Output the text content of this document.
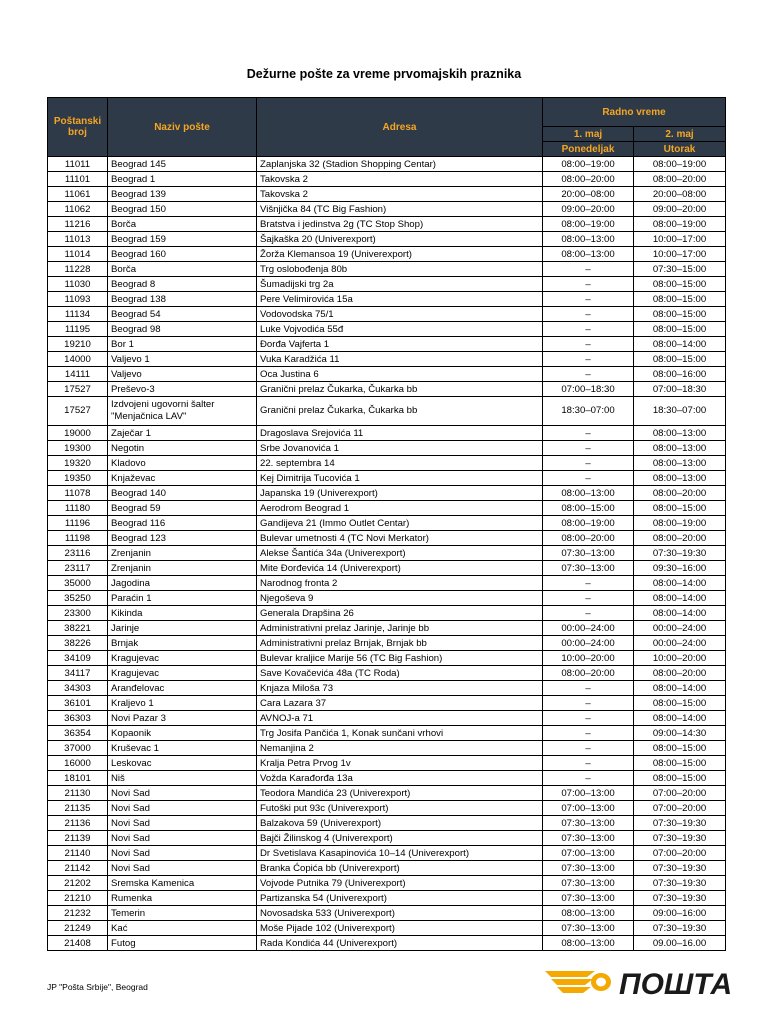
Dežurne pošte za vreme prvomajskih praznika
Poštanski broj	Naziv pošte	Adresa	Radno vreme	
			1. maj	2. maj
			Ponedeljak	Utorak
11011	Beograd 145	Zaplanjska 32 (Stadion Shopping Centar)	08:00–19:00	08:00–19:00
11101	Beograd 1	Takovska 2	08:00–20:00	08:00–20:00
11061	Beograd 139	Takovska 2	20:00–08:00	20:00–08:00
11062	Beograd 150	Višnjička 84 (TC Big Fashion)	09:00–20:00	09:00–20:00
11216	Borča	Bratstva i jedinstva 2g (TC Stop Shop)	08:00–19:00	08:00–19:00
11013	Beograd 159	Šajkaška 20 (Univerexport)	08:00–13:00	10:00–17:00
11014	Beograd 160	Žorža Klemansoa 19 (Univerexport)	08:00–13:00	10:00–17:00
11228	Borča	Trg oslobođenja 80b	–	07:30–15:00
11030	Beograd 8	Šumadijski trg 2a	–	08:00–15:00
11093	Beograd 138	Pere Velimirovića 15a	–	08:00–15:00
11134	Beograd 54	Vodovodska 75/1	–	08:00–15:00
11195	Beograd 98	Luke Vojvodića 55đ	–	08:00–15:00
19210	Bor 1	Đorđa Vajferta 1	–	08:00–14:00
14000	Valjevo 1	Vuka Karadžića 11	–	08:00–15:00
14111	Valjevo	Oca Justina 6	–	08:00–16:00
17527	Preševo-3	Granični prelaz Čukarka, Čukarka bb	07:00–18:30	07:00–18:30
17527	Izdvojeni ugovorni šalter "Menjačnica LAV"	Granični prelaz Čukarka, Čukarka bb	18:30–07:00	18:30–07:00
19000	Zaječar 1	Dragoslava Srejovića 11	–	08:00–13:00
19300	Negotin	Srbe Jovanovića 1	–	08:00–13:00
19320	Kladovo	22. septembra 14	–	08:00–13:00
19350	Knjaževac	Kej Dimitrija Tucovića 1	–	08:00–13:00
11078	Beograd 140	Japanska 19 (Univerexport)	08:00–13:00	08:00–20:00
11180	Beograd 59	Aerodrom Beograd 1	08:00–15:00	08:00–15:00
11196	Beograd 116	Gandijeva 21 (Immo Outlet Centar)	08:00–19:00	08:00–19:00
11198	Beograd 123	Bulevar umetnosti 4 (TC Novi Merkator)	08:00–20:00	08:00–20:00
23116	Zrenjanin	Alekse Šantića 34a (Univerexport)	07:30–13:00	07:30–19:30
23117	Zrenjanin	Mite Đorđevića 14 (Univerexport)	07:30–13:00	09:30–16:00
35000	Jagodina	Narodnog fronta 2	–	08:00–14:00
35250	Paraćin 1	Njegoševa 9	–	08:00–14:00
23300	Kikinda	Generala Drapšina 26	–	08:00–14:00
38221	Jarinje	Administrativni prelaz Jarinje, Jarinje bb	00:00–24:00	00:00–24:00
38226	Brnjak	Administrativni prelaz Brnjak, Brnjak bb	00:00–24:00	00:00–24:00
34109	Kragujevac	Bulevar kraljice Marije 56 (TC Big Fashion)	10:00–20:00	10:00–20:00
34117	Kragujevac	Save Kovačevića 48a (TC Roda)	08:00–20:00	08:00–20:00
34303	Aranđelovac	Knjaza Miloša 73	–	08:00–14:00
36101	Kraljevo 1	Cara Lazara 37	–	08:00–15:00
36303	Novi Pazar 3	AVNOJ-a 71	–	08:00–14:00
36354	Kopaonik	Trg Josifa Pančića 1, Konak sunčani vrhovi	–	09:00–14:30
37000	Kruševac 1	Nemanjina 2	–	08:00–15:00
16000	Leskovac	Kralja Petra Prvog 1v	–	08:00–15:00
18101	Niš	Vožda Karađorđa 13a	–	08:00–15:00
21130	Novi Sad	Teodora Mandića 23 (Univerexport)	07:00–13:00	07:00–20:00
21135	Novi Sad	Futoški put 93c (Univerexport)	07:00–13:00	07:00–20:00
21136	Novi Sad	Balzakova 59 (Univerexport)	07:30–13:00	07:30–19:30
21139	Novi Sad	Bajči Žilinskog 4 (Univerexport)	07:30–13:00	07:30–19:30
21140	Novi Sad	Dr Svetislava Kasapinovića 10–14 (Univerexport)	07:00–13:00	07:00–20:00
21142	Novi Sad	Branka Ćopića bb (Univerexport)	07:30–13:00	07:30–19:30
21202	Sremska Kamenica	Vojvode Putnika 79 (Univerexport)	07:30–13:00	07:30–19:30
21210	Rumenka	Partizanska 54 (Univerexport)	07:30–13:00	07:30–19:30
21232	Temerin	Novosadska 533 (Univerexport)	08:00–13:00	09:00–16:00
21249	Kać	Moše Pijade 102 (Univerexport)	07:30–13:00	07:30–19:30
21408	Futog	Rada Kondića 44 (Univerexport)	08:00–13:00	09.00–16.00
JP "Pošta Srbije", Beograd	ПОШТА
